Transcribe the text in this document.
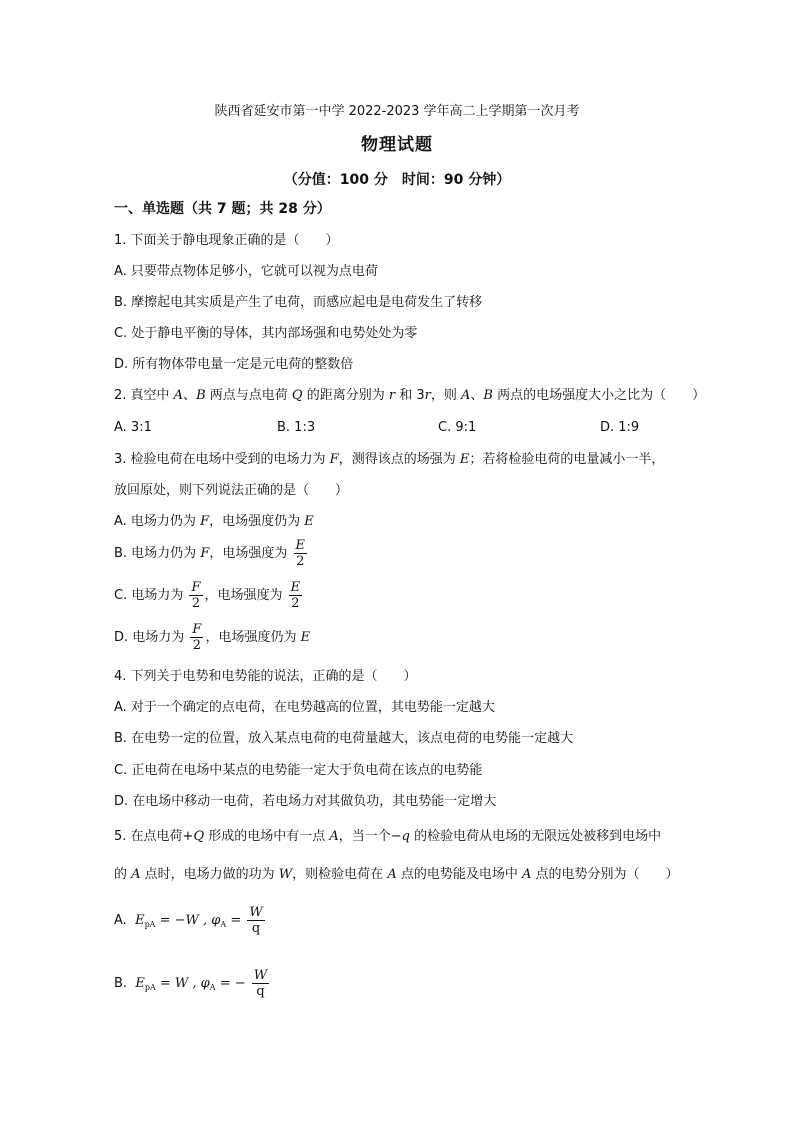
陕西省延安市第一中学 2022-2023 学年高二上学期第一次月考
物理试题
（分值：100 分　时间：90 分钟）
一、单选题（共 7 题；共 28 分）
1. 下面关于静电现象正确的是（　　）
A. 只要带点物体足够小，它就可以视为点电荷
B. 摩擦起电其实质是产生了电荷，而感应起电是电荷发生了转移
C. 处于静电平衡的导体，其内部场强和电势处处为零
D. 所有物体带电量一定是元电荷的整数倍
2. 真空中 A、B 两点与点电荷 Q 的距离分别为 r 和 3r，则 A、B 两点的电场强度大小之比为（　　）
A. 3:1	B. 1:3	C. 9:1	D. 1:9
3. 检验电荷在电场中受到的电场力为 F，测得该点的场强为 E；若将检验电荷的电量减小一半，
放回原处，则下列说法正确的是（　　）
A. 电场力仍为 F，电场强度仍为 E
B. 电场力仍为 F，电场强度为 $\frac{E}{2}$
C. 电场力为 $\frac{F}{2}$ ，电场强度为 $\frac{E}{2}$
D. 电场力为 $\frac{F}{2}$ ，电场强度仍为 E
4. 下列关于电势和电势能的说法，正确的是（　　）
A. 对于一个确定的点电荷，在电势越高的位置，其电势能一定越大
B. 在电势一定的位置，放入某点电荷的电荷量越大，该点电荷的电势能一定越大
C. 正电荷在电场中某点的电势能一定大于负电荷在该点的电势能
D. 在电场中移动一电荷，若电场力对其做负功，其电势能一定增大
5. 在点电荷+Q 形成的电场中有一点 A，当一个−q 的检验电荷从电场的无限远处被移到电场中
的 A 点时，电场力做的功为 W，则检验电荷在 A 点的电势能及电场中 A 点的电势分别为（　　）
A. $E_{pA} = -W$ , $\varphi_A = \frac{W}{q}$
B. $E_{pA} = W$ , $\varphi_A$ = − $\frac{W}{q}$
